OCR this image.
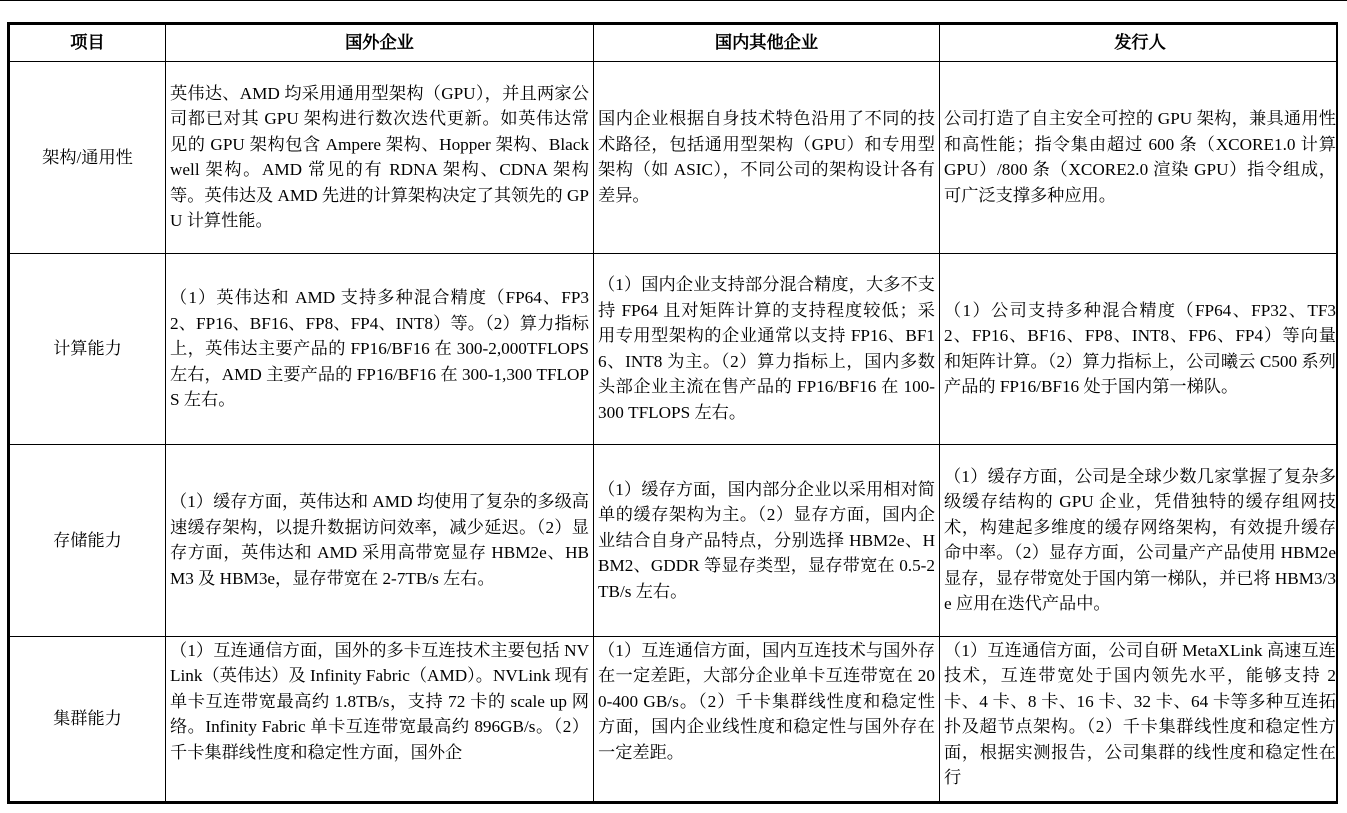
项目	国外企业	国内其他企业	发行人
架构/通用性	英伟达、AMD 均采用通用型架构（GPU），并且两家公司都已对其 GPU 架构进行数次迭代更新。如英伟达常见的 GPU 架构包含 Ampere 架构、Hopper 架构、Blackwell 架构。AMD 常见的有 RDNA 架构、CDNA 架构等。英伟达及 AMD 先进的计算架构决定了其领先的 GPU 计算性能。	国内企业根据自身技术特色沿用了不同的技术路径，包括通用型架构（GPU）和专用型架构（如 ASIC），不同公司的架构设计各有差异。	公司打造了自主安全可控的 GPU 架构，兼具通用性和高性能；指令集由超过 600 条（XCORE1.0 计算 GPU）/800 条（XCORE2.0 渲染 GPU）指令组成，可广泛支撑多种应用。
计算能力	（1）英伟达和 AMD 支持多种混合精度（FP64、FP32、FP16、BF16、FP8、FP4、INT8）等。（2）算力指标上，英伟达主要产品的 FP16/BF16 在 300-2,000TFLOPS 左右，AMD 主要产品的 FP16/BF16 在 300-1,300 TFLOPS 左右。	（1）国内企业支持部分混合精度，大多不支持 FP64 且对矩阵计算的支持程度较低；采用专用型架构的企业通常以支持 FP16、BF16、INT8 为主。（2）算力指标上，国内多数头部企业主流在售产品的 FP16/BF16 在 100-300 TFLOPS 左右。	（1）公司支持多种混合精度（FP64、FP32、TF32、FP16、BF16、FP8、INT8、FP6、FP4）等向量和矩阵计算。（2）算力指标上，公司曦云 C500 系列产品的 FP16/BF16 处于国内第一梯队。
存储能力	（1）缓存方面，英伟达和 AMD 均使用了复杂的多级高速缓存架构，以提升数据访问效率，减少延迟。（2）显存方面，英伟达和 AMD 采用高带宽显存 HBM2e、HBM3 及 HBM3e，显存带宽在 2-7TB/s 左右。	（1）缓存方面，国内部分企业以采用相对简单的缓存架构为主。（2）显存方面，国内企业结合自身产品特点，分别选择 HBM2e、HBM2、GDDR 等显存类型，显存带宽在 0.5-2 TB/s 左右。	（1）缓存方面，公司是全球少数几家掌握了复杂多级缓存结构的 GPU 企业，凭借独特的缓存组网技术，构建起多维度的缓存网络架构，有效提升缓存命中率。（2）显存方面，公司量产产品使用 HBM2e 显存，显存带宽处于国内第一梯队，并已将 HBM3/3e 应用在迭代产品中。
集群能力	（1）互连通信方面，国外的多卡互连技术主要包括 NVLink（英伟达）及 Infinity Fabric（AMD）。NVLink 现有单卡互连带宽最高约 1.8TB/s，支持 72 卡的 scale up 网络。Infinity Fabric 单卡互连带宽最高约 896GB/s。（2）千卡集群线性度和稳定性方面，国外企	（1）互连通信方面，国内互连技术与国外存在一定差距，大部分企业单卡互连带宽在 200-400 GB/s。（2）千卡集群线性度和稳定性方面，国内企业线性度和稳定性与国外存在一定差距。	（1）互连通信方面，公司自研 MetaXLink 高速互连技术，互连带宽处于国内领先水平，能够支持 2 卡、4 卡、8 卡、16 卡、32 卡、64 卡等多种互连拓扑及超节点架构。（2）千卡集群线性度和稳定性方面，根据实测报告，公司集群的线性度和稳定性在行
